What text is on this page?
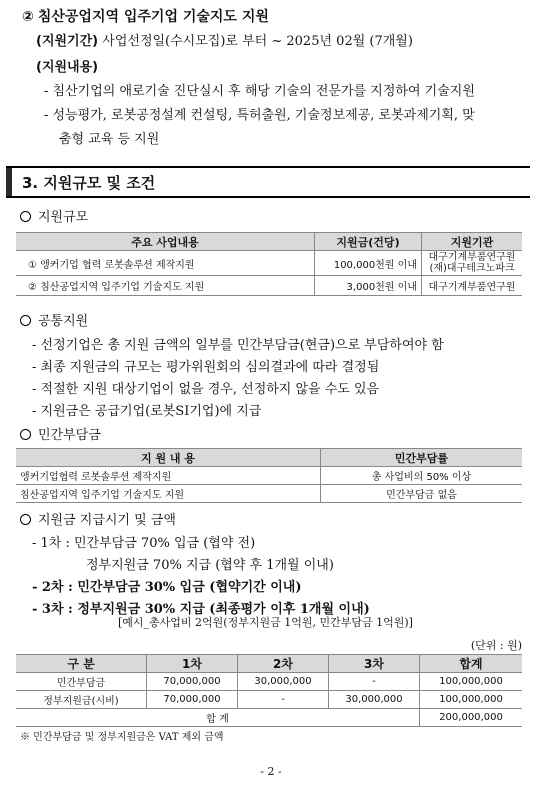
② 침산공업지역 입주기업 기술지도 지원
(지원기간) 사업선정일(수시모집)로 부터 ~ 2025년 02월 (7개월)
(지원내용)
- 침산기업의 애로기술 진단실시 후 해당 기술의 전문가를 지정하여 기술지원
- 성능평가, 로봇공정설계 컨설팅, 특허출원, 기술정보제공, 로봇과제기획, 맞
춤형 교육 등 지원
3. 지원규모 및 조건
지원규모
주요 사업내용	지원금(건당)	지원기관
① 앵커기업 협력 로봇솔루션 제작지원	100,000천원 이내	대구기계부품연구원
(재)대구테크노파크

② 침산공업지역 입주기업 기술지도 지원	3,000천원 이내	대구기계부품연구원
공통지원
- 선정기업은 총 지원 금액의 일부를 민간부담금(현금)으로 부담하여야 함
- 최종 지원금의 규모는 평가위원회의 심의결과에 따라 결정됨
- 적절한 지원 대상기업이 없을 경우, 선정하지 않을 수도 있음
- 지원금은 공급기업(로봇SI기업)에 지급
민간부담금
지 원 내 용	민간부담률
앵커기업협력 로봇솔루션 제작지원	총 사업비의 50% 이상
침산공업지역 입주기업 기술지도 지원	민간부담금 없음
지원금 지급시기 및 금액
- 1차 : 민간부담금 70% 입금 (협약 전)
정부지원금 70% 지급 (협약 후 1개월 이내)
- 2차 : 민간부담금 30% 입금 (협약기간 이내)
- 3차 : 정부지원금 30% 지급 (최종평가 이후 1개월 이내)
[예시_총사업비 2억원(정부지원금 1억원, 민간부담금 1억원)]
(단위 : 원)
구 분	1차	2차	3차	합계
민간부담금	70,000,000	30,000,000	-	100,000,000
정부지원금(시비)	70,000,000	-	30,000,000	100,000,000
합 계				200,000,000
※ 민간부담금 및 정부지원금은 VAT 제외 금액
- 2 -
